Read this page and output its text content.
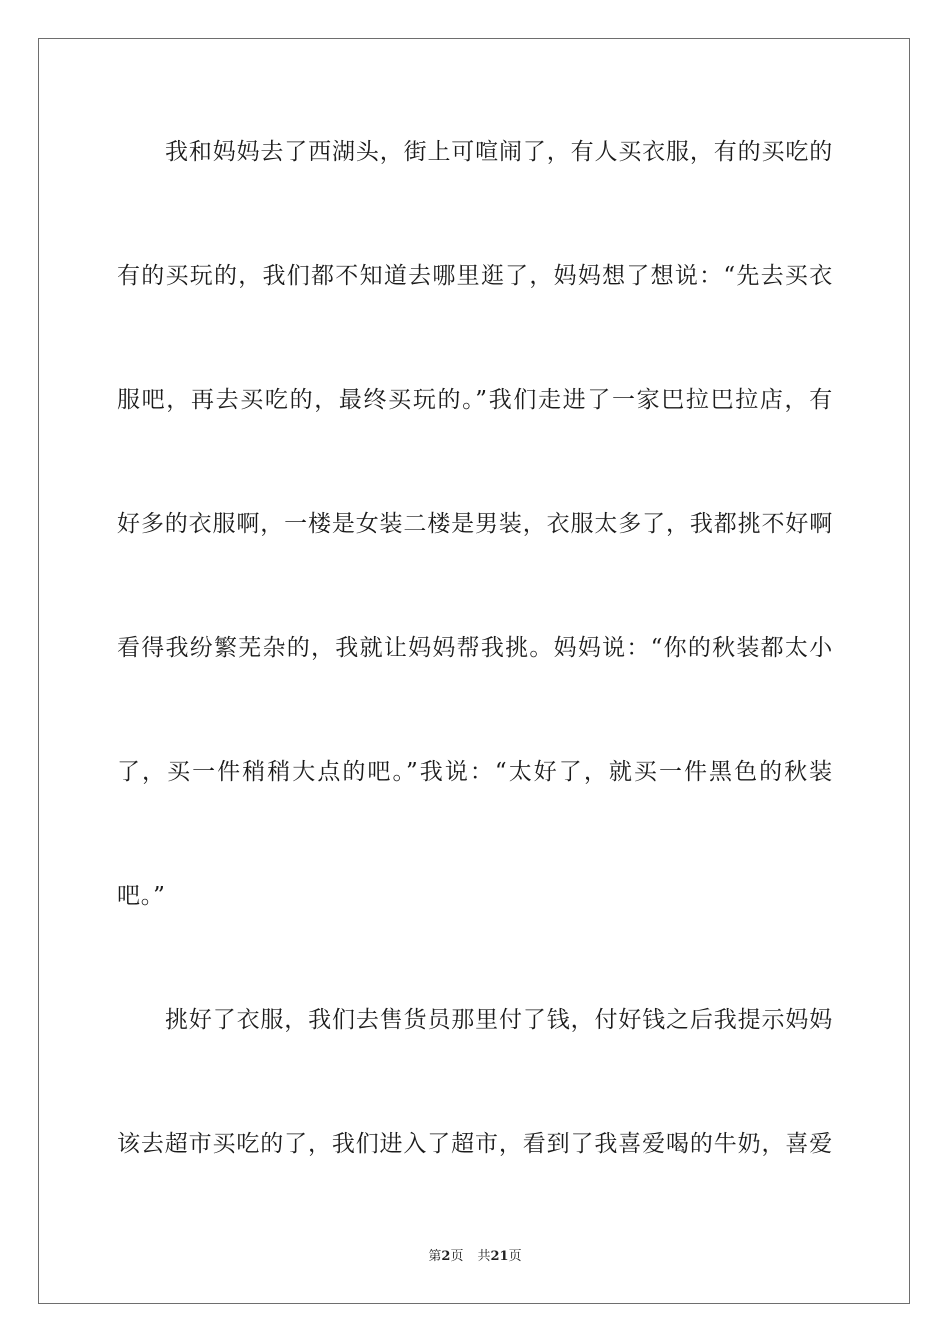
我和妈妈去了西湖头，街上可喧闹了，有人买衣服，有的买吃的
有的买玩的，我们都不知道去哪里逛了，妈妈想了想说：“先去买衣
服吧，再去买吃的，最终买玩的。”我们走进了一家巴拉巴拉店，有
好多的衣服啊，一楼是女装二楼是男装，衣服太多了，我都挑不好啊
看得我纷繁芜杂的，我就让妈妈帮我挑。妈妈说：“你的秋装都太小
了，买一件稍稍大点的吧。”我说：“太好了，就买一件黑色的秋装
吧。”
挑好了衣服，我们去售货员那里付了钱，付好钱之后我提示妈妈
该去超市买吃的了，我们进入了超市，看到了我喜爱喝的牛奶，喜爱
第2页 共21页
